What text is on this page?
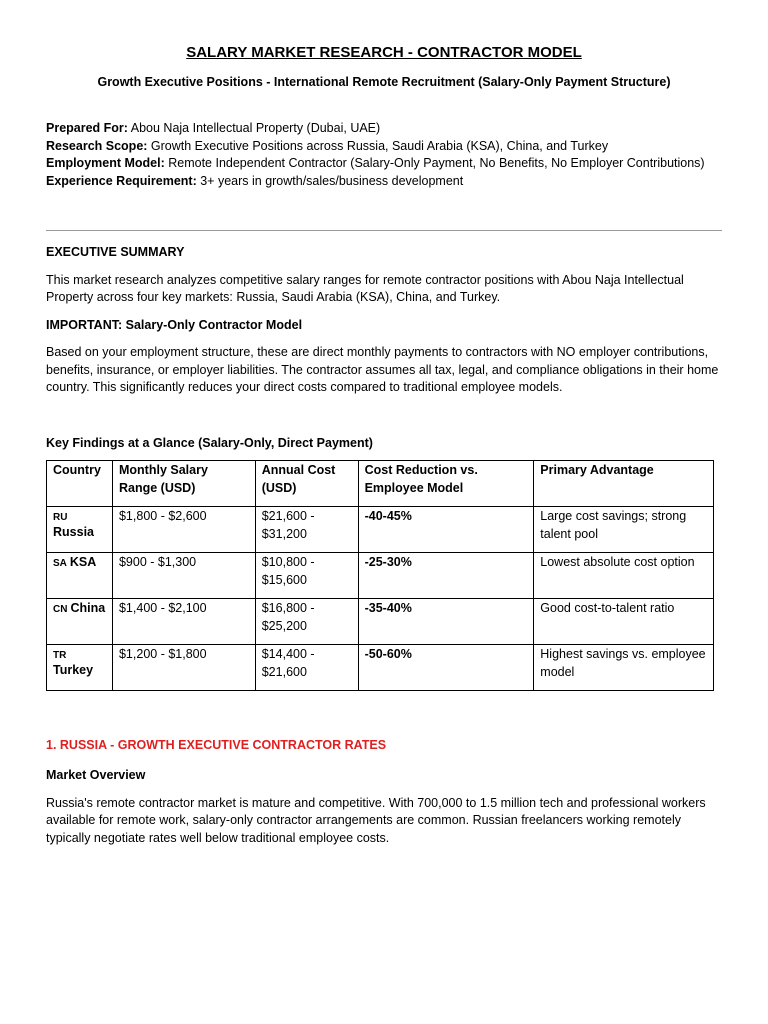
SALARY MARKET RESEARCH - CONTRACTOR MODEL
Growth Executive Positions - International Remote Recruitment (Salary-Only Payment Structure)
Prepared For: Abou Naja Intellectual Property (Dubai, UAE)
Research Scope: Growth Executive Positions across Russia, Saudi Arabia (KSA), China, and Turkey
Employment Model: Remote Independent Contractor (Salary-Only Payment, No Benefits, No Employer Contributions)
Experience Requirement: 3+ years in growth/sales/business development

EXECUTIVE SUMMARY

This market research analyzes competitive salary ranges for remote contractor positions with Abou Naja Intellectual Property across four key markets: Russia, Saudi Arabia (KSA), China, and Turkey.

IMPORTANT: Salary-Only Contractor Model

Based on your employment structure, these are direct monthly payments to contractors with NO employer contributions, benefits, insurance, or employer liabilities. The contractor assumes all tax, legal, and compliance obligations in their home country. This significantly reduces your direct costs compared to traditional employee models.

Key Findings at a Glance (Salary-Only, Direct Payment)

Country	Monthly Salary Range (USD)	Annual Cost (USD)	Cost Reduction vs. Employee Model	Primary Advantage

RU
Russia	$1,800 - $2,600	$21,600 - $31,200	-40-45%	Large cost savings; strong talent pool
SA KSA	$900 - $1,300	$10,800 - $15,600	-25-30%	Lowest absolute cost option
CN China	$1,400 - $2,100	$16,800 - $25,200	-35-40%	Good cost-to-talent ratio

TR
Turkey	$1,200 - $1,800	$14,400 - $21,600	-50-60%	Highest savings vs. employee model

1. RUSSIA - GROWTH EXECUTIVE CONTRACTOR RATES

Market Overview

Russia's remote contractor market is mature and competitive. With 700,000 to 1.5 million tech and professional workers available for remote work, salary-only contractor arrangements are common. Russian freelancers working remotely typically negotiate rates well below traditional employee costs.
